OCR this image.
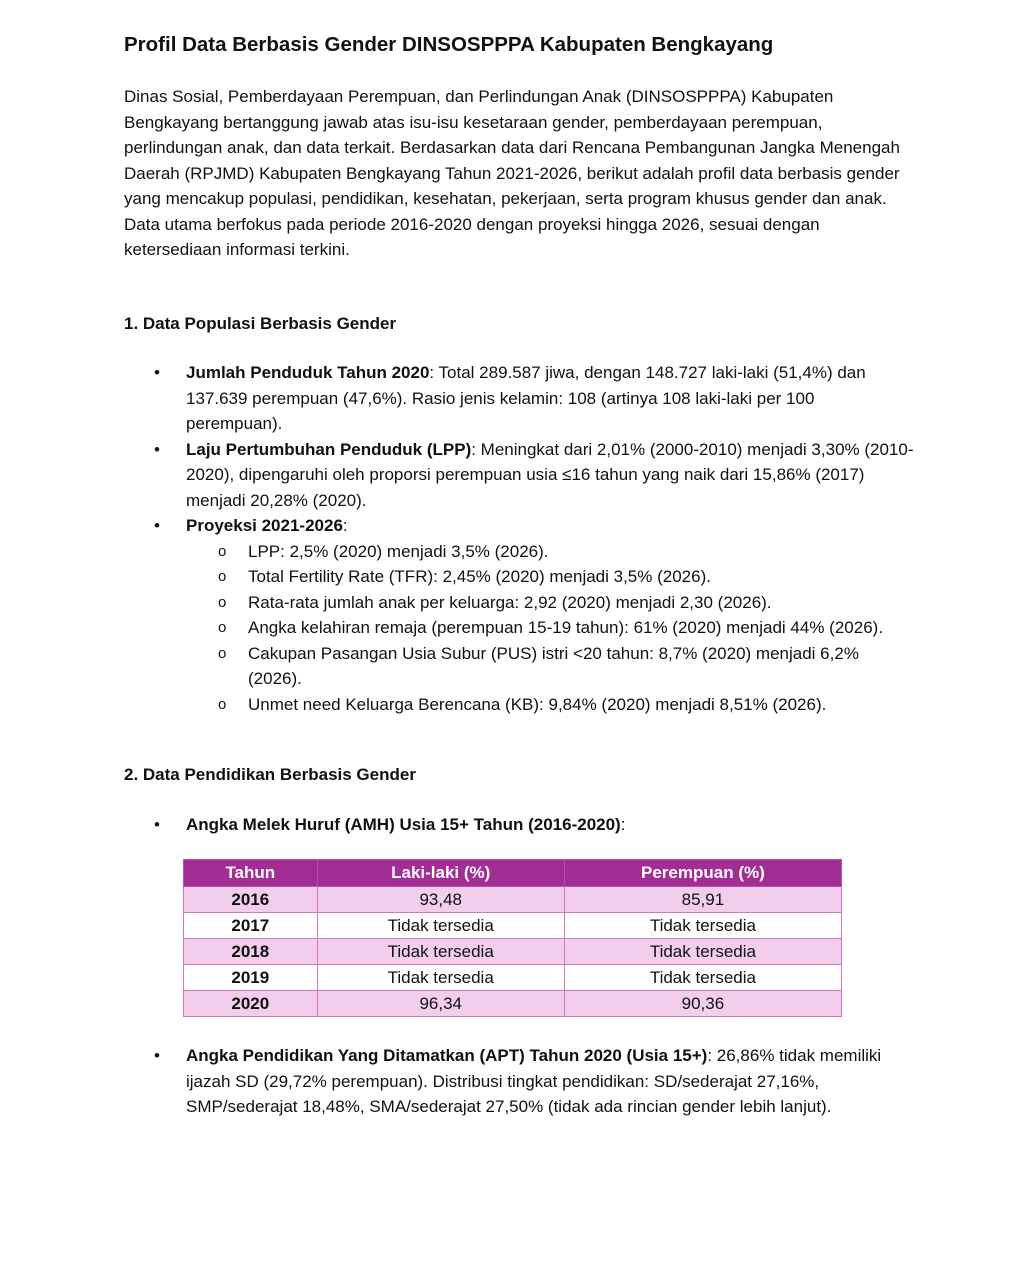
Profil Data Berbasis Gender DINSOSPPPA Kabupaten Bengkayang

Dinas Sosial, Pemberdayaan Perempuan, dan Perlindungan Anak (DINSOSPPPA) Kabupaten Bengkayang bertanggung jawab atas isu-isu kesetaraan gender, pemberdayaan perempuan, perlindungan anak, dan data terkait. Berdasarkan data dari Rencana Pembangunan Jangka Menengah Daerah (RPJMD) Kabupaten Bengkayang Tahun 2021-2026, berikut adalah profil data berbasis gender yang mencakup populasi, pendidikan, kesehatan, pekerjaan, serta program khusus gender dan anak. Data utama berfokus pada periode 2016-2020 dengan proyeksi hingga 2026, sesuai dengan ketersediaan informasi terkini.

1. Data Populasi Berbasis Gender
• Jumlah Penduduk Tahun 2020: Total 289.587 jiwa, dengan 148.727 laki-laki (51,4%) dan 137.639 perempuan (47,6%). Rasio jenis kelamin: 108 (artinya 108 laki-laki per 100 perempuan).
• Laju Pertumbuhan Penduduk (LPP): Meningkat dari 2,01% (2000-2010) menjadi 3,30% (2010-2020), dipengaruhi oleh proporsi perempuan usia ≤16 tahun yang naik dari 15,86% (2017) menjadi 20,28% (2020).
• Proyeksi 2021-2026:
o LPP: 2,5% (2020) menjadi 3,5% (2026).
o Total Fertility Rate (TFR): 2,45% (2020) menjadi 3,5% (2026).
o Rata-rata jumlah anak per keluarga: 2,92 (2020) menjadi 2,30 (2026).
o Angka kelahiran remaja (perempuan 15-19 tahun): 61% (2020) menjadi 44% (2026).
o Cakupan Pasangan Usia Subur (PUS) istri <20 tahun: 8,7% (2020) menjadi 6,2% (2026).
o Unmet need Keluarga Berencana (KB): 9,84% (2020) menjadi 8,51% (2026).
2. Data Pendidikan Berbasis Gender
• Angka Melek Huruf (AMH) Usia 15+ Tahun (2016-2020):
Tahun	Laki-laki (%)	Perempuan (%)
2016	93,48	85,91
2017	Tidak tersedia	Tidak tersedia
2018	Tidak tersedia	Tidak tersedia
2019	Tidak tersedia	Tidak tersedia
2020	96,34	90,36
• Angka Pendidikan Yang Ditamatkan (APT) Tahun 2020 (Usia 15+): 26,86% tidak memiliki ijazah SD (29,72% perempuan). Distribusi tingkat pendidikan: SD/sederajat 27,16%, SMP/sederajat 18,48%, SMA/sederajat 27,50% (tidak ada rincian gender lebih lanjut).
